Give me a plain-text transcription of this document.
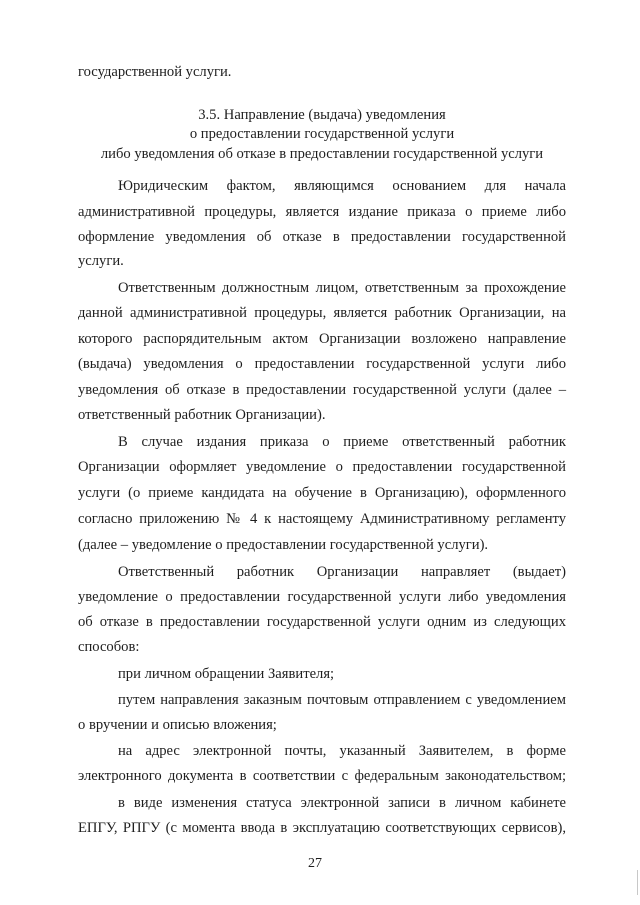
государственной услуги.
3.5. Направление (выдача) уведомления
о предоставлении государственной услуги
либо уведомления об отказе в предоставлении государственной услуги
Юридическим фактом, являющимся основанием для начала
административной процедуры, является издание приказа о приеме либо
оформление уведомления об отказе в предоставлении государственной
услуги.
Ответственным должностным лицом, ответственным за прохождение
данной административной процедуры, является работник Организации, на
которого распорядительным актом Организации возложено направление
(выдача) уведомления о предоставлении государственной услуги либо
уведомления об отказе в предоставлении государственной услуги (далее –
ответственный работник Организации).
В случае издания приказа о приеме ответственный работник
Организации оформляет уведомление о предоставлении государственной
услуги (о приеме кандидата на обучение в Организацию), оформленного
согласно приложению № 4 к настоящему Административному регламенту
(далее – уведомление о предоставлении государственной услуги).
Ответственный работник Организации направляет (выдает)
уведомление о предоставлении государственной услуги либо уведомления
об отказе в предоставлении государственной услуги одним из следующих
способов:
при личном обращении Заявителя;
путем направления заказным почтовым отправлением с уведомлением
о вручении и описью вложения;
на адрес электронной почты, указанный Заявителем, в форме
электронного документа в соответствии с федеральным законодательством;
в виде изменения статуса электронной записи в личном кабинете
ЕПГУ, РПГУ (с момента ввода в эксплуатацию соответствующих сервисов),
27
